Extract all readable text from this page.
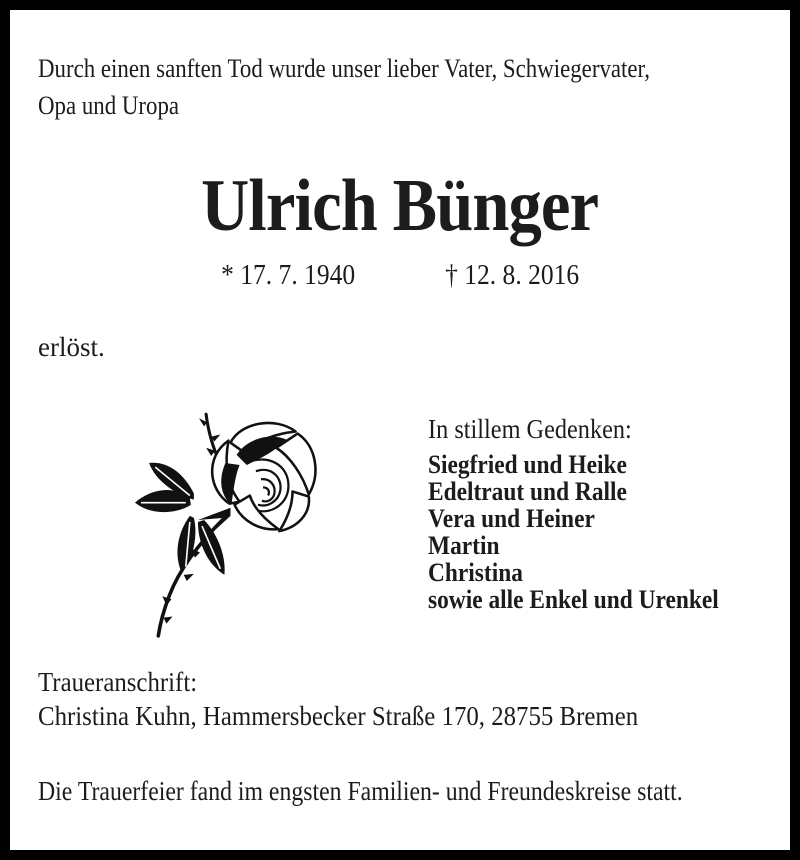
Durch einen sanften Tod wurde unser lieber Vater, Schwiegervater,
Opa und Uropa
Ulrich Bünger
* 17. 7. 1940	† 12. 8. 2016
erlöst.
In stillem Gedenken:
Siegfried und Heike
Edeltraut und Ralle
Vera und Heiner
Martin
Christina
sowie alle Enkel und Urenkel
Traueranschrift:
Christina Kuhn, Hammersbecker Straße 170, 28755 Bremen
Die Trauerfeier fand im engsten Familien- und Freundeskreise statt.
